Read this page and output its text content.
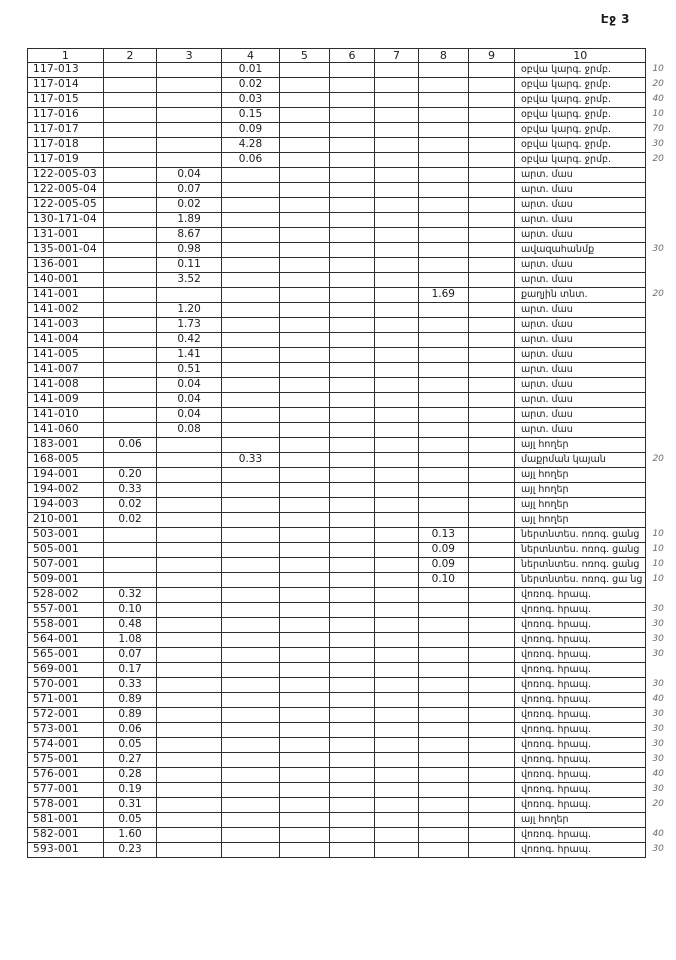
Էջ 3
1	2	3	4	5	6	7	8	9	10	
117-013			0.01						օբվա կարգ. ջրմբ.	10
117-014			0.02						օբվա կարգ. ջրմբ.	20
117-015			0.03						օբվա կարգ. ջրմբ.	40
117-016			0.15						օբվա կարգ. ջրմբ.	10
117-017			0.09						օբվա կարգ. ջրմբ.	70
117-018			4.28						օբվա կարգ. ջրմբ.	30
117-019			0.06						օբվա կարգ. ջրմբ.	20
122-005-03		0.04							արտ. մաս	
122-005-04		0.07							արտ. մաս	
122-005-05		0.02							արտ. մաս	
130-171-04		1.89							արտ. մաս	
131-001		8.67							արտ. մաս	
135-001-04		0.98							ավազահանմք	30
136-001		0.11							արտ. մաս	
140-001		3.52							արտ. մաս	
141-001							1.69		քաղյին տնտ.	20
141-002		1.20							արտ. մաս	
141-003		1.73							արտ. մաս	
141-004		0.42							արտ. մաս	
141-005		1.41							արտ. մաս	
141-007		0.51							արտ. մաս	
141-008		0.04							արտ. մաս	
141-009		0.04							արտ. մաս	
141-010		0.04							արտ. մաս	
141-060		0.08							արտ. մաս	
183-001	0.06								այլ հողեր	
168-005			0.33						մաքրման կայան	20
194-001	0.20								այլ հողեր	
194-002	0.33								այլ հողեր	
194-003	0.02								այլ հողեր	
210-001	0.02								այլ հողեր	
503-001							0.13		ներտնտես. ոռոգ. ցանց	10
505-001							0.09		ներտնտես. ոռոգ. ցանց	10
507-001							0.09		ներտնտես. ոռոգ. ցանց	10
509-001							0.10		ներտնտես. ոռոգ. ցա նց	10
528-002	0.32								վոռոգ. հրապ.	
557-001	0.10								վոռոգ. հրապ.	30
558-001	0.48								վոռոգ. հրապ.	30
564-001	1.08								վոռոգ. հրապ.	30
565-001	0.07								վոռոգ. հրապ.	30
569-001	0.17								վոռոգ. հրապ.	
570-001	0.33								վոռոգ. հրապ.	30
571-001	0.89								վոռոգ. հրապ.	40
572-001	0.89								վոռոգ. հրապ.	30
573-001	0.06								վոռոգ. հրապ.	30
574-001	0.05								վոռոգ. հրապ.	30
575-001	0.27								վոռոգ. հրապ.	30
576-001	0.28								վոռոգ. հրապ.	40
577-001	0.19								վոռոգ. հրապ.	30
578-001	0.31								վոռոգ. հրապ.	20
581-001	0.05								այլ հողեր	
582-001	1.60								վոռոգ. հրապ.	40
593-001	0.23								վոռոգ. հրապ.	30
